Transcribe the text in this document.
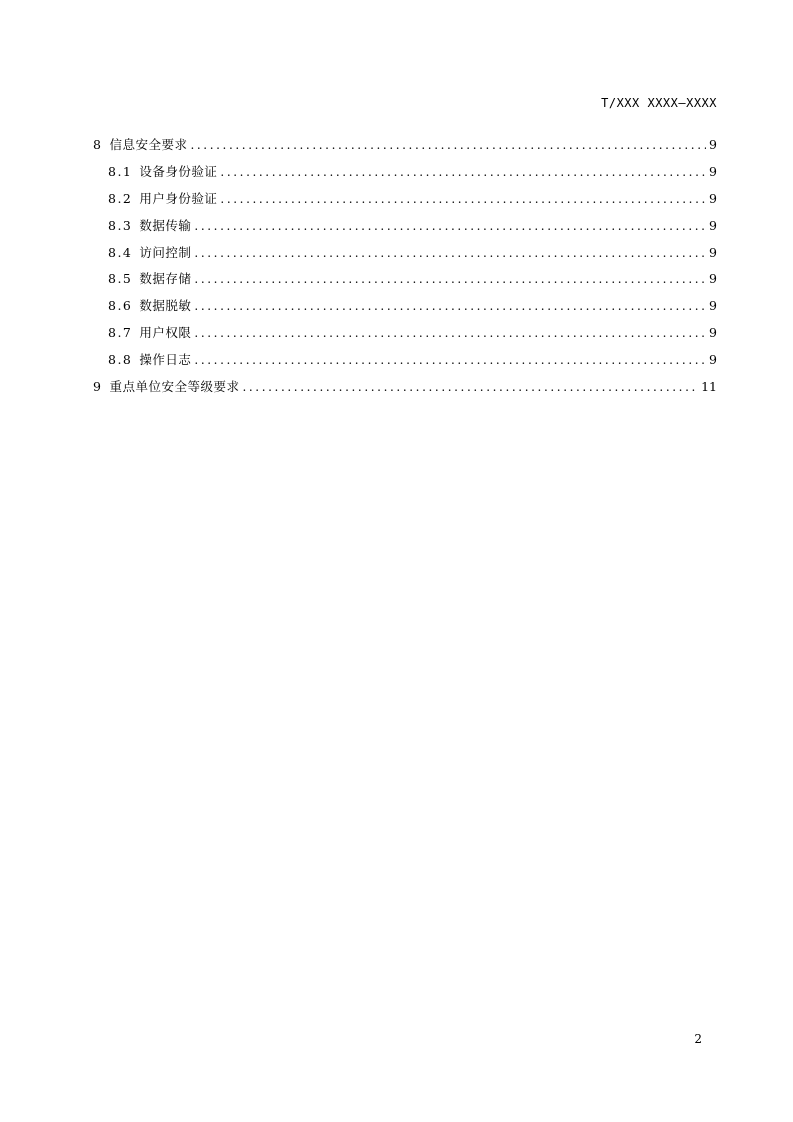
T/XXX XXXX—XXXX
8 信息安全要求 .....	9
8.1 设备身份验证 .....	9
8.2 用户身份验证 .....	9
8.3 数据传输 .....	9
8.4 访问控制 .....	9
8.5 数据存储 .....	9
8.6 数据脱敏 .....	9
8.7 用户权限 .....	9
8.8 操作日志 .....	9
9 重点单位安全等级要求 .....	11
2
